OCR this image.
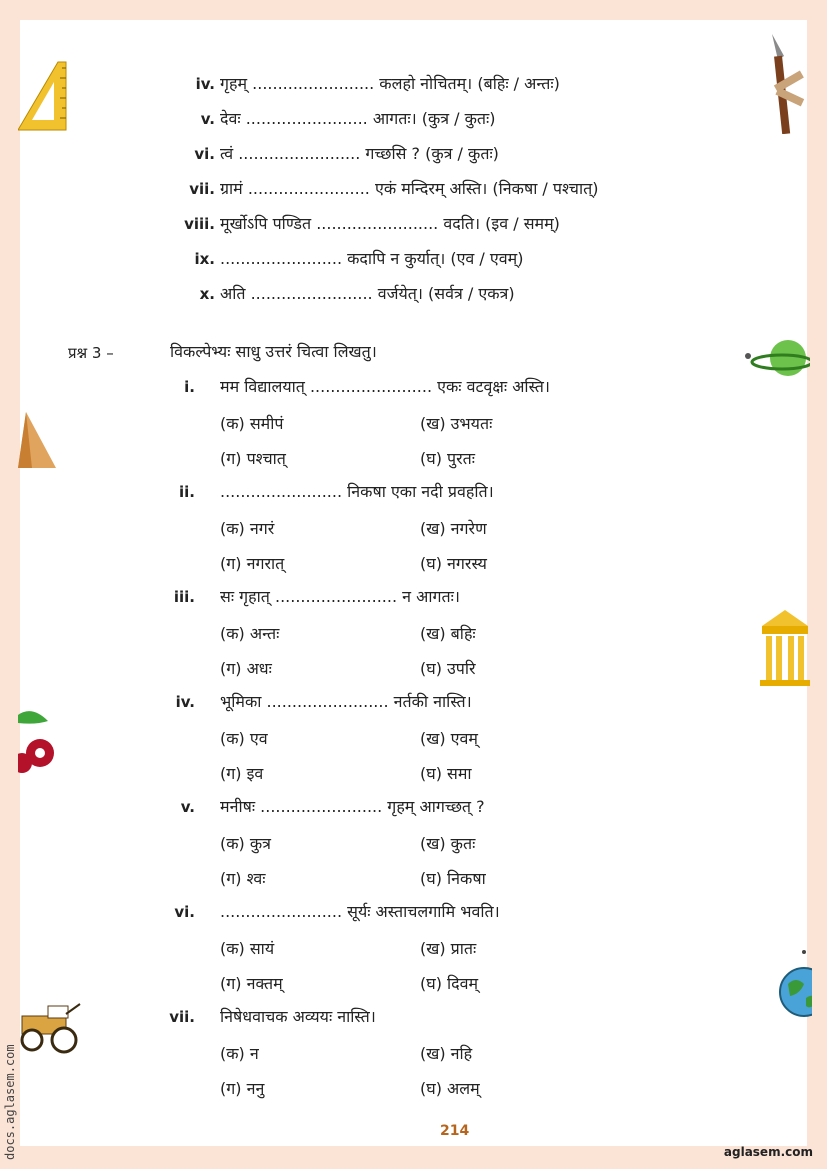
iv. गृहम् ........................ कलहो नोचितम्। (बहिः / अन्तः)
v. देवः ........................ आगतः। (कुत्र / कुतः)
vi. त्वं ........................ गच्छसि ? (कुत्र / कुतः)
vii. ग्रामं ........................ एकं मन्दिरम् अस्ति। (निकषा / पश्चात्)
viii. मूर्खोऽपि पण्डित ........................ वदति। (इव / समम्)
ix. ........................ कदापि न कुर्यात्। (एव / एवम्)
x. अति ........................ वर्जयेत्। (सर्वत्र / एकत्र)
प्रश्न 3 –	विकल्पेभ्यः साधु उत्तरं चित्वा लिखतु।
i. मम विद्यालयात् ........................ एकः वटवृक्षः अस्ति।
(क) समीपं	(ख) उभयतः
(ग) पश्चात्	(घ) पुरतः
ii. ........................ निकषा एका नदी प्रवहति।
(क) नगरं	(ख) नगरेण
(ग) नगरात्	(घ) नगरस्य
iii. सः गृहात् ........................ न आगतः।
(क) अन्तः	(ख) बहिः
(ग) अधः	(घ) उपरि
iv. भूमिका ........................ नर्तकी नास्ति।
(क) एव	(ख) एवम्
(ग) इव	(घ) समा
v. मनीषः ........................ गृहम् आगच्छत् ?
(क) कुत्र	(ख) कुतः
(ग) श्वः	(घ) निकषा
vi. ........................ सूर्यः अस्ताचलगामि भवति।
(क) सायं	(ख) प्रातः
(ग) नक्तम्	(घ) दिवम्
vii. निषेधवाचक अव्ययः नास्ति।
(क) न	(ख) नहि
(ग) ननु	(घ) अलम्
214
docs.aglasem.com	aglasem.com
